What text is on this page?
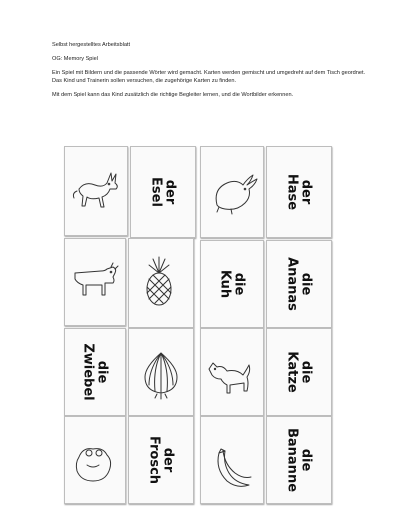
Selbst hergestelltes Arbeitsblatt

OG: Memory Spiel

Ein Spiel mit Bildern und die passende Wörter wird gemacht. Karten werden gemischt und umgedreht auf dem Tisch geordnet. Das Kind und Trainerin sollen versuchen, die zugehörige Karten zu finden.

Mit dem Spiel kann das Kind zusätzlich die richtige Begleiter lernen, und die Wortbilder erkennen.

der Esel	der Hase
die Kuh	die
Ananas
die
Zwiebel	die Katze
der Frosch	die
Bananne
